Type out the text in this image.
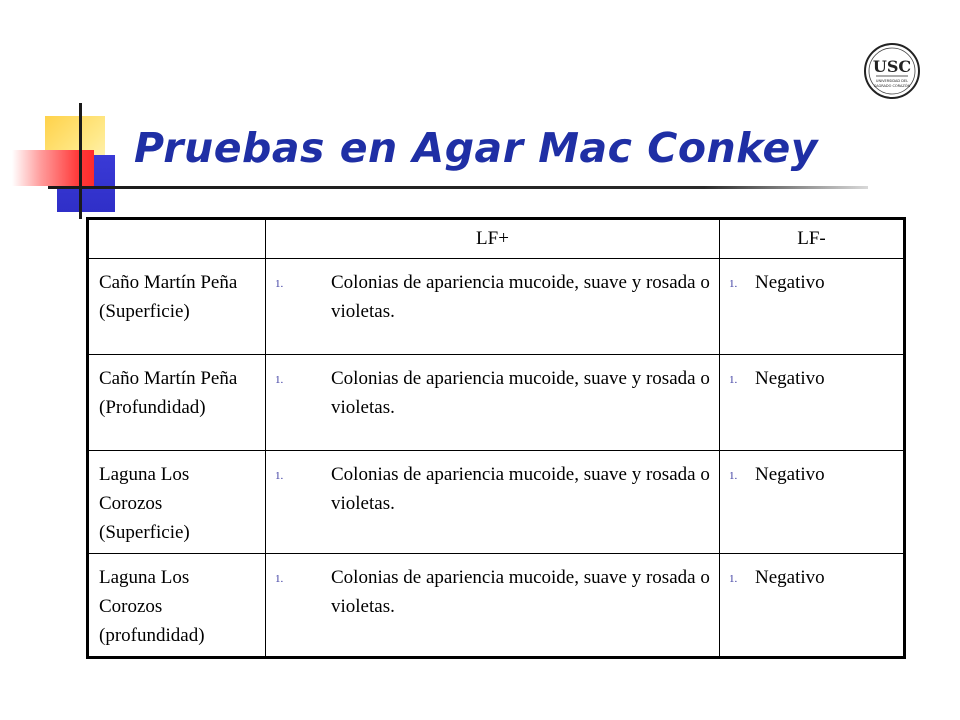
USC
UNIVERSIDAD DEL
SAGRADO CORAZÓN
Pruebas en Agar Mac Conkey
	LF+	LF-
Caño Martín Peña (Superficie)	1. Colonias de apariencia mucoide, suave y rosada o violetas.	1. Negativo

Caño Martín Peña (Profundidad)	1. Colonias de apariencia mucoide, suave y rosada o violetas.	1. Negativo

Laguna Los Corozos (Superficie)	1. Colonias de apariencia mucoide, suave y rosada o violetas.	1. Negativo

Laguna Los Corozos (profundidad)	1. Colonias de apariencia mucoide, suave y rosada o violetas.	1. Negativo
